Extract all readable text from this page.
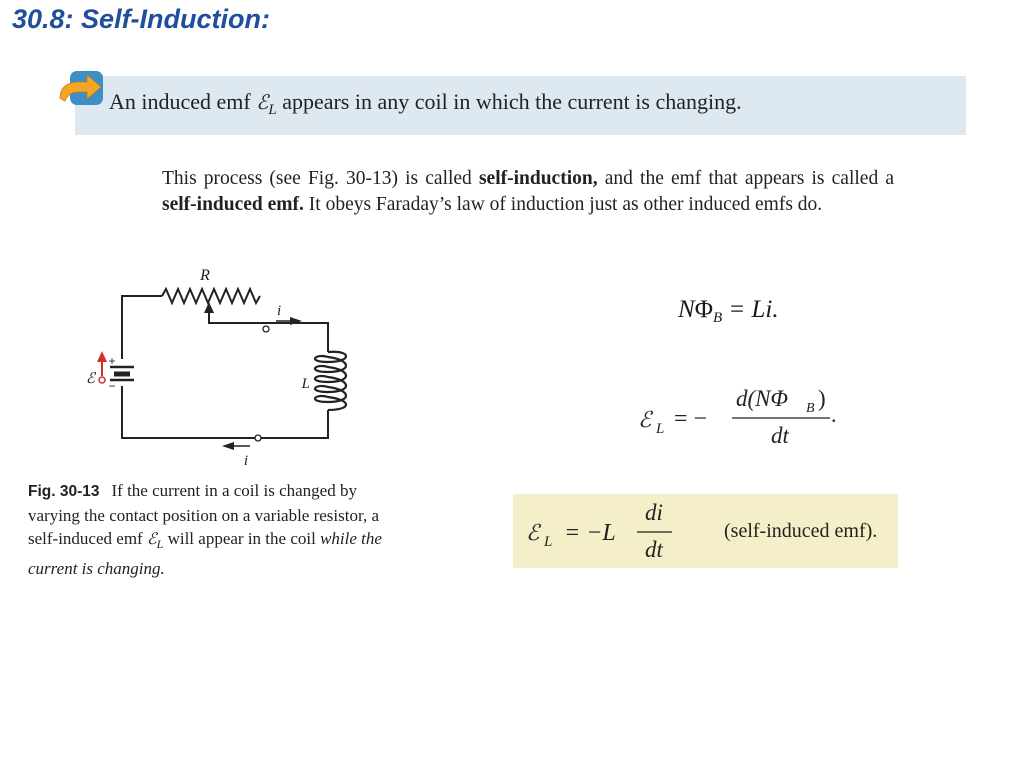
30.8: Self-Induction:
An induced emf ℰ$_L$ appears in any coil in which the current is changing.

This process (see Fig. 30-13) is called self-induction, and the emf that appears is called a self-induced emf. It obeys Faraday’s law of induction just as other induced emfs do.

R
i
i
L
ℰ
+
−

Fig. 30-13 If the current in a coil is changed by varying the contact position on a variable resistor, a self-induced emf ℰ$_L$ will appear in the coil while the current is changing.

$N\Phi_B = Li$.
ℰ L = −
d(NΦ B )
dt
.
ℰ L = −L
di
dt
(self-induced emf).
